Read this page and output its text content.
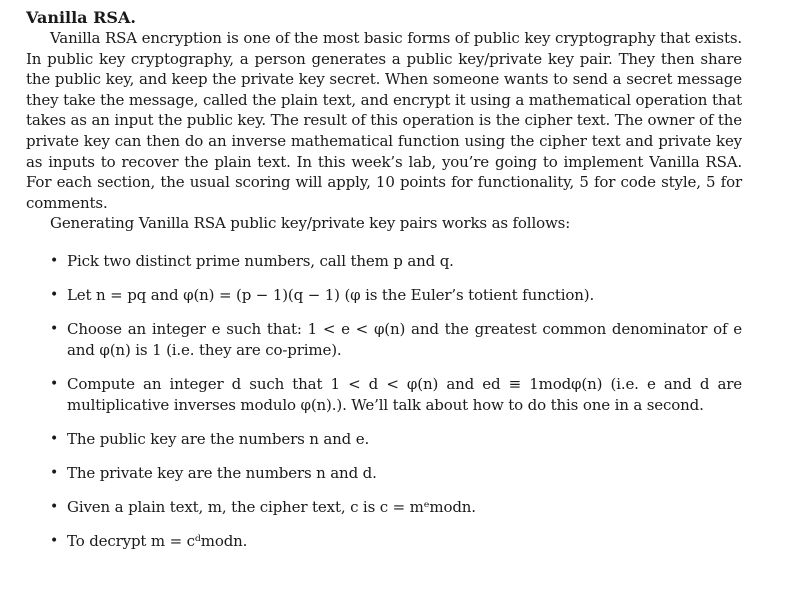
Vanilla RSA.

Vanilla RSA encryption is one of the most basic forms of public key cryptography that exists. In public key cryptography, a person generates a public key/private key pair. They then share the public key, and keep the private key secret. When someone wants to send a secret message they take the message, called the plain text, and encrypt it using a mathematical operation that takes as an input the public key. The result of this operation is the cipher text. The owner of the private key can then do an inverse mathematical function using the cipher text and private key as inputs to recover the plain text. In this week’s lab, you’re going to implement Vanilla RSA. For each section, the usual scoring will apply, 10 points for functionality, 5 for code style, 5 for comments.

Generating Vanilla RSA public key/private key pairs works as follows:

• Pick two distinct prime numbers, call them p and q.
• Let n = pq and φ(n) = (p − 1)(q − 1) (φ is the Euler’s totient function).
• Choose an integer e such that: 1 < e < φ(n) and the greatest common denominator of e and φ(n) is 1 (i.e. they are co-prime).
• Compute an integer d such that 1 < d < φ(n) and ed ≡ 1modφ(n) (i.e. e and d are multiplicative inverses modulo φ(n).). We’ll talk about how to do this one in a second.
• The public key are the numbers n and e.
• The private key are the numbers n and d.
• Given a plain text, m, the cipher text, c is c = mᵉmodn.
• To decrypt m = cᵈmodn.
